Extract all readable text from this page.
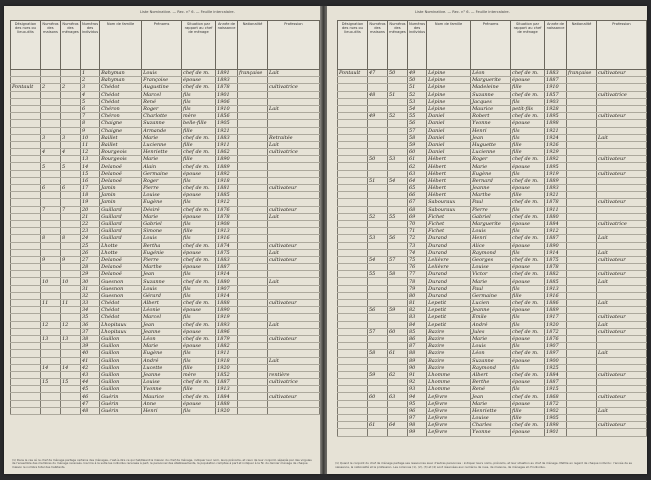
Liste Nominative. — Rec. n° 6. — Feuille intercalaire.
Désignation des rues ou lieux-dits	Numéros des maisons	Numéros des ménages	Numéros des individus	Nom de famille	Prénoms	Situation par rapport au chef de ménage	Année de naissance	Nationalité	Profession
			1	Bahyman	Louis	chef de m.	1891	française	Lait
			2	Bahyman	Françoise	épouse	1893		
Pontault	2	2	3	Chédot	Augustine	chef de m.	1878		cultivatrice
			4	Chédot	Marcel	fils	1901		
			5	Chédot	René	fils	1906		
			6	Chéron	Roger	fils	1910		Lait
			7	Chéron	Charlotte	mère	1856		
			8	Chaigne	Suzanne	belle-fille	1905		
			9	Chaigne	Armande	fille	1921		
	3	3	10	Baillet	Marie	chef de m.	1883		Retraitée
			11	Baillet	Lucienne	fille	1911		Lait
	4	4	12	Bourgeois	Henriette	chef de m.	1862		cultivatrice
			13	Bourgeois	Marie	fille	1890		
	5	5	14	Delanoë	Alain	chef de m.	1889		
			15	Delanoë	Germaine	épouse	1892		
			16	Delanoë	Roger	fils	1918		
	6	6	17	Jamin	Pierre	chef de m.	1881		cultivateur
			18	Jamin	Louise	épouse	1885		
			19	Jamin	Eugène	fils	1912		
	7	7	20	Guillard	Désiré	chef de m.	1876		cultivateur
			21	Guillard	Marie	épouse	1878		Lait
			22	Guillard	Gabriel	fils	1908		
			23	Guillard	Simone	fille	1913		
	8	8	24	Guillard	Louis	fils	1916		
			25	Lhotte	Bertha	chef de m.	1874		cultivateur
			26	Lhotte	Eugénie	épouse	1875		Lait
	9	9	27	Delanoë	Pierre	chef de m.	1883		cultivateur
			28	Delanoë	Marthe	épouse	1887		
			29	Delanoë	Jean	fils	1914		
	10	10	30	Guesnon	Suzanne	chef de m.	1880		Lait
			31	Guesnon	Louis	fils	1907		
			32	Guesnon	Gérard	fils	1914		
	11	11	33	Chédot	Albert	chef de m.	1888		cultivateur
			34	Chédot	Léonie	épouse	1890		
			35	Chédot	Marcel	fils	1919		
	12	12	36	Lhopitaux	Jean	chef de m.	1893		Lait
			37	Lhopitaux	Jeanne	épouse	1896		
	13	13	38	Guillon	Léon	chef de m.	1879		cultivateur
			39	Guillon	Marie	épouse	1882		
			40	Guillon	Eugène	fils	1911		
			41	Guillon	André	fils	1918		Lait
	14	14	42	Guillon	Lucette	fille	1920		
			43	Guillon	Jeanne	mère	1852		rentière
	15	15	44	Guillon	Louise	chef de m.	1887		cultivatrice
			45	Guillon	Yvonne	fille	1913		
			46	Guérin	Maurice	chef de m.	1884		cultivateur
			47	Guérin	Anne	épouse	1888		
			48	Guérin	Henri	fils	1920		
(1) Dans le cas où le chef de ménage partage certains des ménages, c'est-à-dire ce qui habitaient la maison du chef de ménage, indiquer leur nom, leurs prénoms, et ceux de leur conjoint, séparés par des virgules de l'ensemble des membres du ménage recensés. Inscrire à la suite les individus recensés à part, le personnel des établissements, la population comptée à part et indiquer à la fin du dernier ménage de chaque maison le nombre total des habitants.
Liste Nominative. — Rec. n° 6. — Feuille intercalaire.
Désignation des rues ou lieux-dits	Numéros des maisons	Numéros des ménages	Numéros des individus	Nom de famille	Prénoms	Situation par rapport au chef de ménage	Année de naissance	Nationalité	Profession
Pontault	47	50	49	Lépine	Léon	chef de m.	1883	française	cultivateur
			50	Lépine	Marguerite	épouse	1887		
			51	Lépine	Madeleine	fille	1910		
	48	51	52	Lépine	Suzanne	chef de m.	1857		cultivatrice
			53	Lépine	Jacques	fils	1903		
			54	Lépine	Maurice	petit-fils	1928		
	49	52	55	Daniel	Robert	chef de m.	1895		cultivateur
			56	Daniel	Yvonne	épouse	1898		
			57	Daniel	Henri	fils	1921		
			58	Daniel	Jean	fils	1924		Lait
			59	Daniel	Huguette	fille	1926		
			60	Daniel	Lucienne	fille	1929		
	50	53	61	Hébert	Roger	chef de m.	1892		cultivateur
			62	Hébert	Marie	épouse	1895		
			63	Hébert	Eugène	fils	1919		cultivateur
	51	54	64	Hébert	Bernard	chef de m.	1889		
			65	Hébert	Jeanne	épouse	1893		
			66	Hébert	Marthe	fille	1921		
			67	Sabouraux	Paul	chef de m.	1878		cultivateur
			68	Sabouraux	Pierre	fils	1911		
	52	55	69	Fichet	Gabriel	chef de m.	1880		
			70	Fichet	Marguerite	épouse	1884		cultivatrice
			71	Fichet	Louis	fils	1912		
	53	56	72	Durand	Henri	chef de m.	1887		Lait
			73	Durand	Alice	épouse	1890		
			74	Durand	Raymond	fils	1914		Lait
	54	57	75	Lelièvre	Georges	chef de m.	1875		cultivateur
			76	Lelièvre	Louise	épouse	1878		
	55	58	77	Durand	Victor	chef de m.	1882		cultivateur
			78	Durand	Marie	épouse	1885		Lait
			79	Durand	Paul	fils	1913		
			80	Durand	Germaine	fille	1916		
			81	Lepetit	Lucien	chef de m.	1886		Lait
	56	59	82	Lepetit	Jeanne	épouse	1889		
			83	Lepetit	Émile	fils	1917		cultivateur
			84	Lepetit	André	fils	1920		Lait
	57	60	85	Bazire	Jules	chef de m.	1872		cultivateur
			86	Bazire	Marie	épouse	1876		
			87	Bazire	Louis	fils	1907		
	58	61	88	Bazire	Léon	chef de m.	1897		Lait
			89	Bazire	Suzanne	épouse	1900		
			90	Bazire	Raymond	fils	1925		
	59	62	91	Lhomme	Albert	chef de m.	1884		cultivateur
			92	Lhomme	Berthe	épouse	1887		
			93	Lhomme	René	fils	1915		
	60	63	94	Lefèvre	Jean	chef de m.	1868		cultivateur
			95	Lefèvre	Marie	épouse	1872		
			96	Lefèvre	Henriette	fille	1902		Lait
			97	Lefèvre	Louise	fille	1905		
	61	64	98	Lefèvre	Charles	chef de m.	1898		cultivateur
			99	Lefèvre	Yvonne	épouse	1901		
(1) Quand le conjoint du chef de ménage partage ses ressources avec d'autres personnes : indiquer leurs noms, prénoms, et leur situation au chef de ménage. Mettre en regard de chaque individu : l'année de sa naissance, la nationalité et la profession. Les colonnes (1), (2), (3) et (4) sont réservées aux numéros de rues, de maisons, de ménages et d'individus.
